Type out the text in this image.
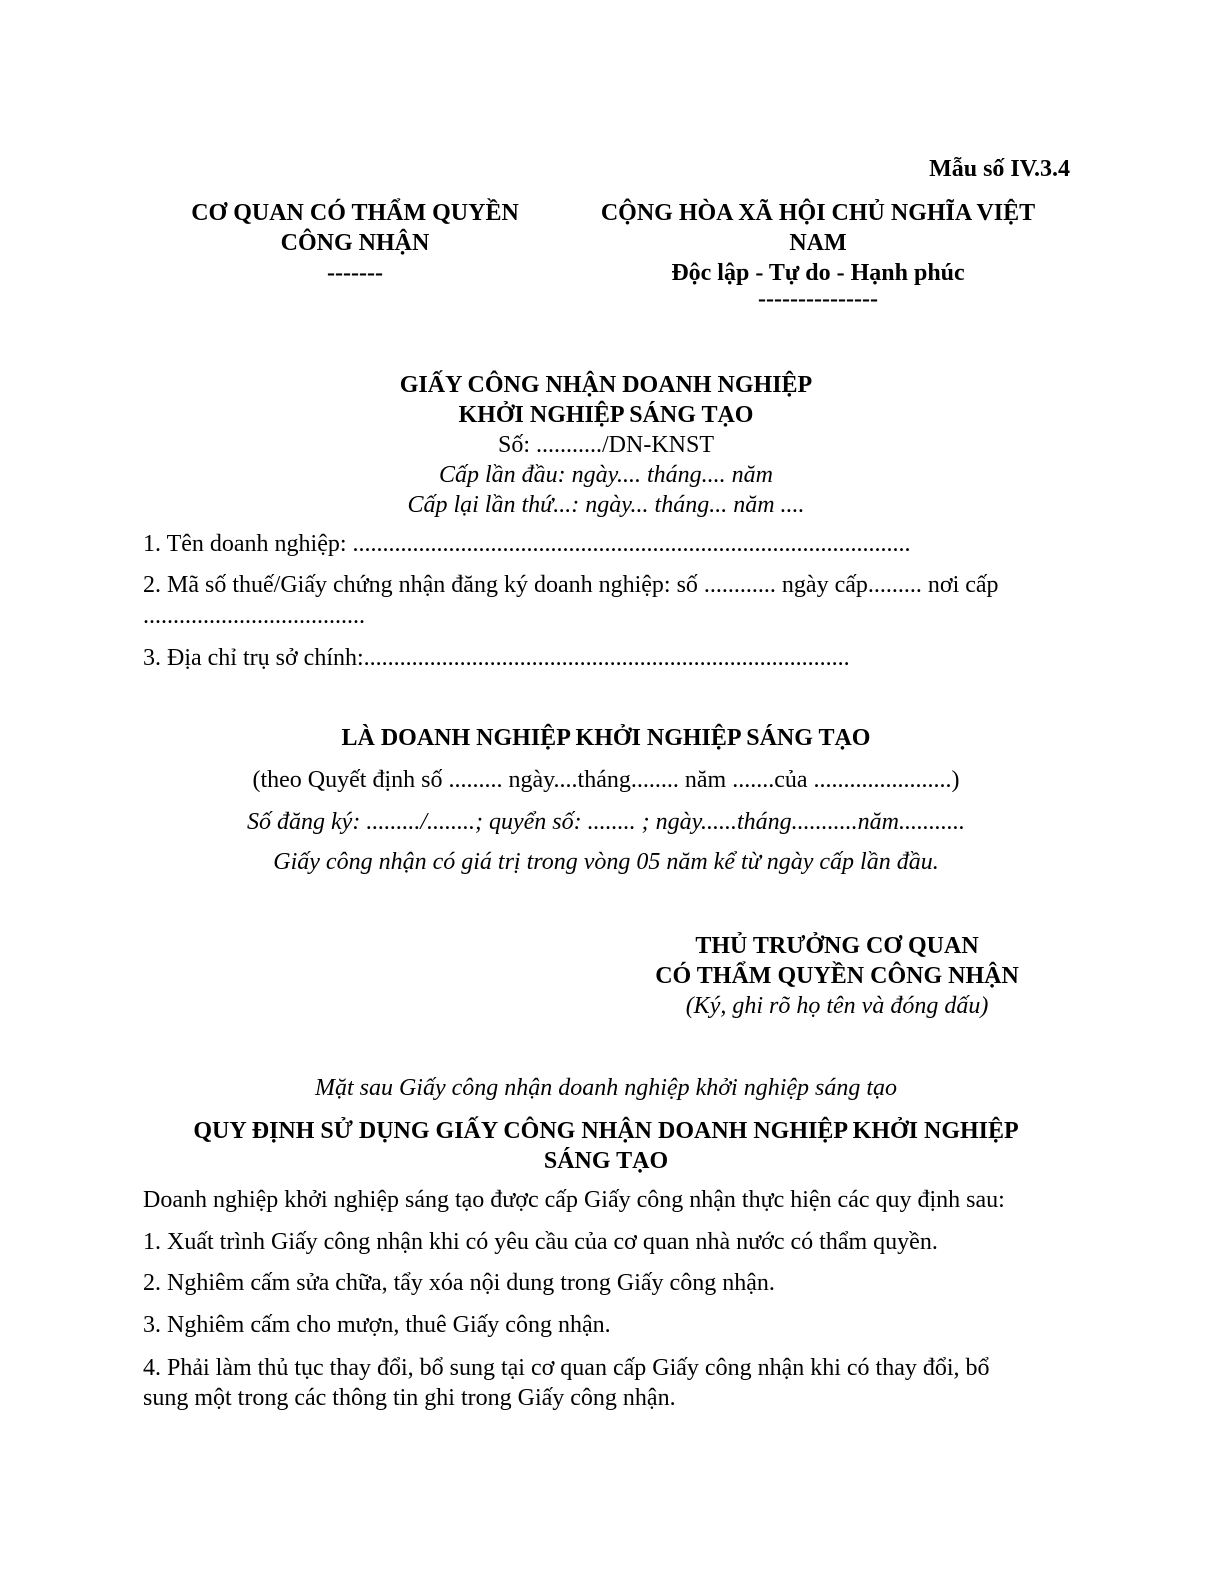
Mẫu số IV.3.4
CƠ QUAN CÓ THẨM QUYỀN
CÔNG NHẬN
-------
CỘNG HÒA XÃ HỘI CHỦ NGHĨA VIỆT
NAM
Độc lập - Tự do - Hạnh phúc
---------------
GIẤY CÔNG NHẬN DOANH NGHIỆP
KHỞI NGHIỆP SÁNG TẠO
Số: .........../DN-KNST
Cấp lần đầu: ngày.... tháng.... năm
Cấp lại lần thứ...: ngày... tháng... năm ....
1. Tên doanh nghiệp: .............................................................................................
2. Mã số thuế/Giấy chứng nhận đăng ký doanh nghiệp: số ............ ngày cấp......... nơi cấp
.....................................
3. Địa chỉ trụ sở chính:.................................................................................
LÀ DOANH NGHIỆP KHỞI NGHIỆP SÁNG TẠO
(theo Quyết định số ......... ngày....tháng........ năm .......của .......................)
Số đăng ký: ........./........; quyển số: ........ ; ngày......tháng...........năm...........
Giấy công nhận có giá trị trong vòng 05 năm kể từ ngày cấp lần đầu.
THỦ TRƯỞNG CƠ QUAN
CÓ THẨM QUYỀN CÔNG NHẬN
(Ký, ghi rõ họ tên và đóng dấu)
Mặt sau Giấy công nhận doanh nghiệp khởi nghiệp sáng tạo
QUY ĐỊNH SỬ DỤNG GIẤY CÔNG NHẬN DOANH NGHIỆP KHỞI NGHIỆP
SÁNG TẠO
Doanh nghiệp khởi nghiệp sáng tạo được cấp Giấy công nhận thực hiện các quy định sau:
1. Xuất trình Giấy công nhận khi có yêu cầu của cơ quan nhà nước có thẩm quyền.
2. Nghiêm cấm sửa chữa, tẩy xóa nội dung trong Giấy công nhận.
3. Nghiêm cấm cho mượn, thuê Giấy công nhận.
4. Phải làm thủ tục thay đổi, bổ sung tại cơ quan cấp Giấy công nhận khi có thay đổi, bổ
sung một trong các thông tin ghi trong Giấy công nhận.
